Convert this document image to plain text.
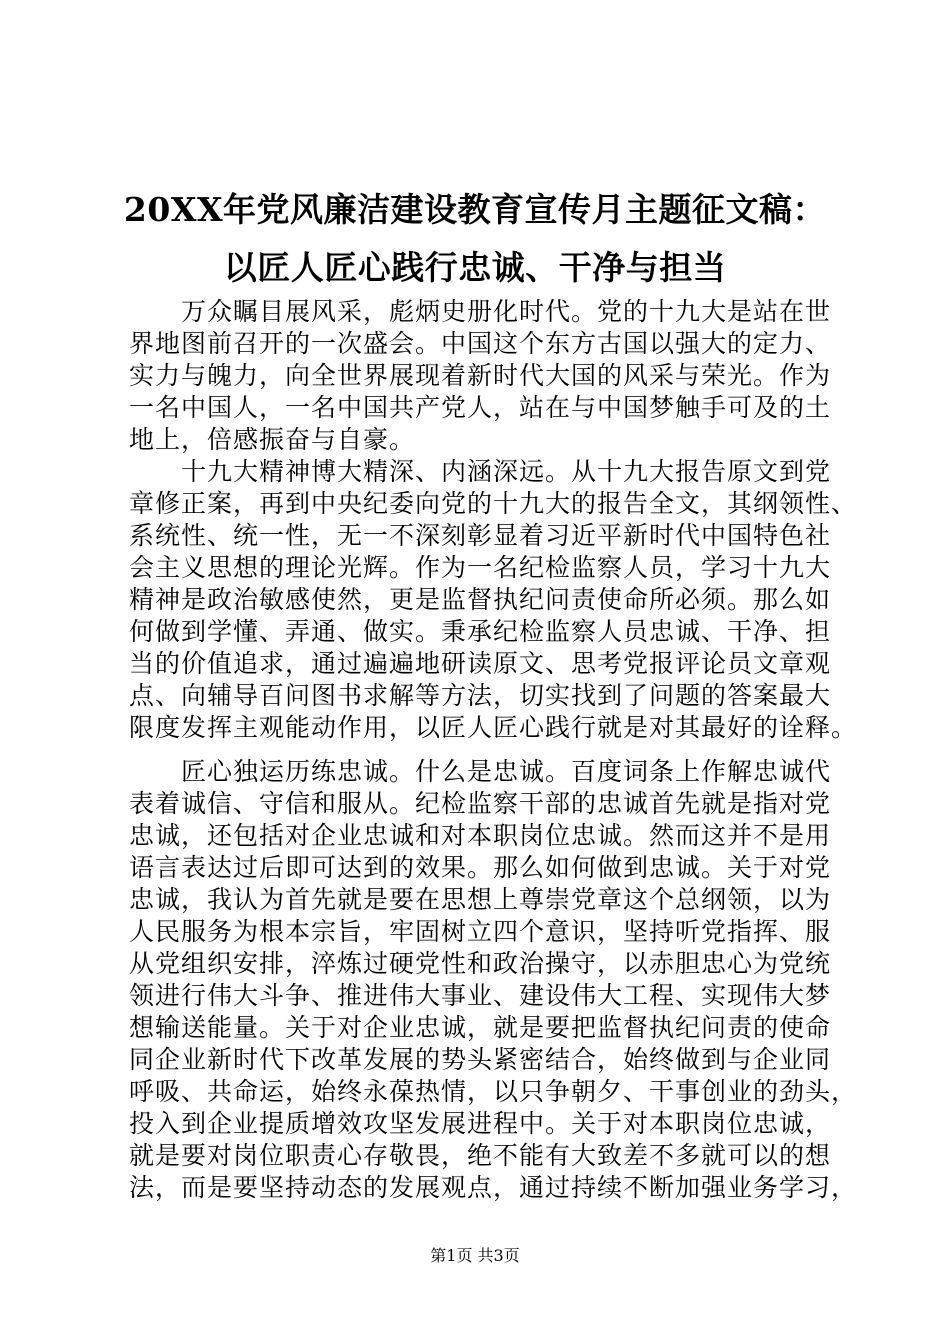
20XX年党风廉洁建设教育宣传月主题征文稿：
以匠人匠心践行忠诚、干净与担当
万众瞩目展风采，彪炳史册化时代。党的十九大是站在世
界地图前召开的一次盛会。中国这个东方古国以强大的定力、
实力与魄力，向全世界展现着新时代大国的风采与荣光。作为
一名中国人，一名中国共产党人，站在与中国梦触手可及的土
地上，倍感振奋与自豪。
十九大精神博大精深、内涵深远。从十九大报告原文到党
章修正案，再到中央纪委向党的十九大的报告全文，其纲领性、
系统性、统一性，无一不深刻彰显着习近平新时代中国特色社
会主义思想的理论光辉。作为一名纪检监察人员，学习十九大
精神是政治敏感使然，更是监督执纪问责使命所必须。那么如
何做到学懂、弄通、做实。秉承纪检监察人员忠诚、干净、担
当的价值追求，通过遍遍地研读原文、思考党报评论员文章观
点、向辅导百问图书求解等方法，切实找到了问题的答案最大
限度发挥主观能动作用，以匠人匠心践行就是对其最好的诠释。
匠心独运历练忠诚。什么是忠诚。百度词条上作解忠诚代
表着诚信、守信和服从。纪检监察干部的忠诚首先就是指对党
忠诚，还包括对企业忠诚和对本职岗位忠诚。然而这并不是用
语言表达过后即可达到的效果。那么如何做到忠诚。关于对党
忠诚，我认为首先就是要在思想上尊崇党章这个总纲领，以为
人民服务为根本宗旨，牢固树立四个意识，坚持听党指挥、服
从党组织安排，淬炼过硬党性和政治操守，以赤胆忠心为党统
领进行伟大斗争、推进伟大事业、建设伟大工程、实现伟大梦
想输送能量。关于对企业忠诚，就是要把监督执纪问责的使命
同企业新时代下改革发展的势头紧密结合，始终做到与企业同
呼吸、共命运，始终永葆热情，以只争朝夕、干事创业的劲头，
投入到企业提质增效攻坚发展进程中。关于对本职岗位忠诚，
就是要对岗位职责心存敬畏，绝不能有大致差不多就可以的想
法，而是要坚持动态的发展观点，通过持续不断加强业务学习，
第1页 共3页
